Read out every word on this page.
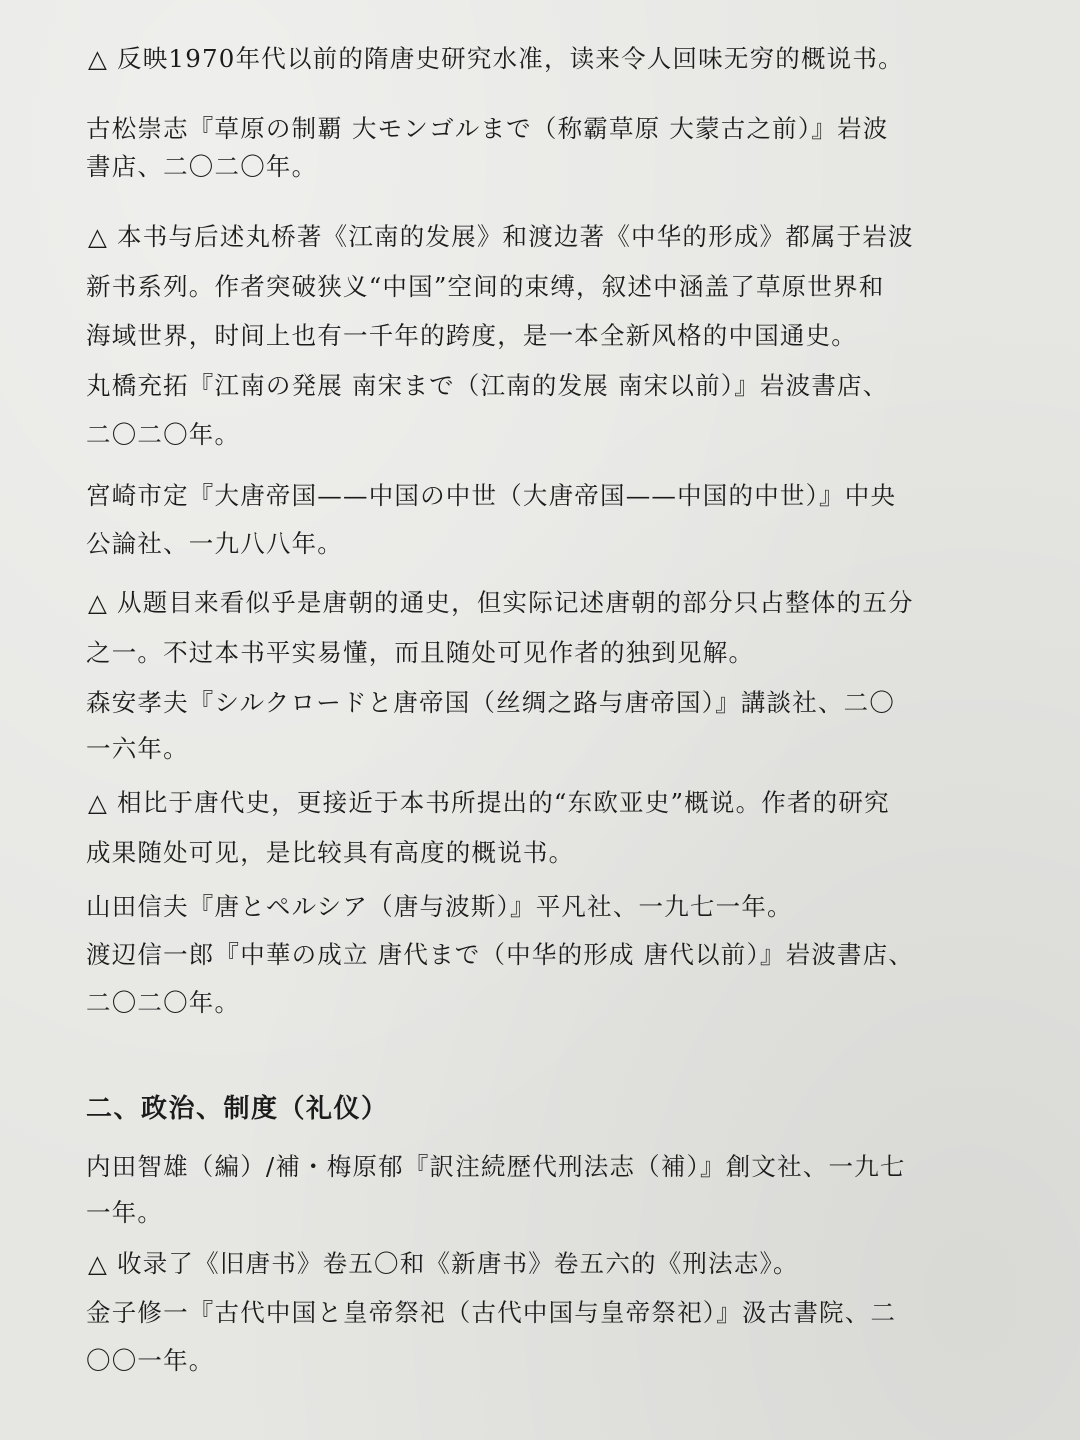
△ 反映1970年代以前的隋唐史研究水准，读来令人回味无穷的概说书。
古松崇志『草原の制覇 大モンゴルまで（称霸草原 大蒙古之前）』岩波
書店、二〇二〇年。
△ 本书与后述丸桥著《江南的发展》和渡边著《中华的形成》都属于岩波
新书系列。作者突破狭义“中国”空间的束缚，叙述中涵盖了草原世界和
海域世界，时间上也有一千年的跨度，是一本全新风格的中国通史。
丸橋充拓『江南の発展 南宋まで（江南的发展 南宋以前）』岩波書店、
二〇二〇年。
宮崎市定『大唐帝国——中国の中世（大唐帝国——中国的中世）』中央
公論社、一九八八年。
△ 从题目来看似乎是唐朝的通史，但实际记述唐朝的部分只占整体的五分
之一。不过本书平实易懂，而且随处可见作者的独到见解。
森安孝夫『シルクロードと唐帝国（丝绸之路与唐帝国）』講談社、二〇
一六年。
△ 相比于唐代史，更接近于本书所提出的“东欧亚史”概说。作者的研究
成果随处可见，是比较具有高度的概说书。
山田信夫『唐とペルシア（唐与波斯）』平凡社、一九七一年。
渡辺信一郎『中華の成立 唐代まで（中华的形成 唐代以前）』岩波書店、
二〇二〇年。
二、政治、制度（礼仪）
内田智雄（編）/補・梅原郁『訳注続歴代刑法志（補）』創文社、一九七
一年。
△ 收录了《旧唐书》卷五〇和《新唐书》卷五六的《刑法志》。
金子修一『古代中国と皇帝祭祀（古代中国与皇帝祭祀）』汲古書院、二
〇〇一年。
